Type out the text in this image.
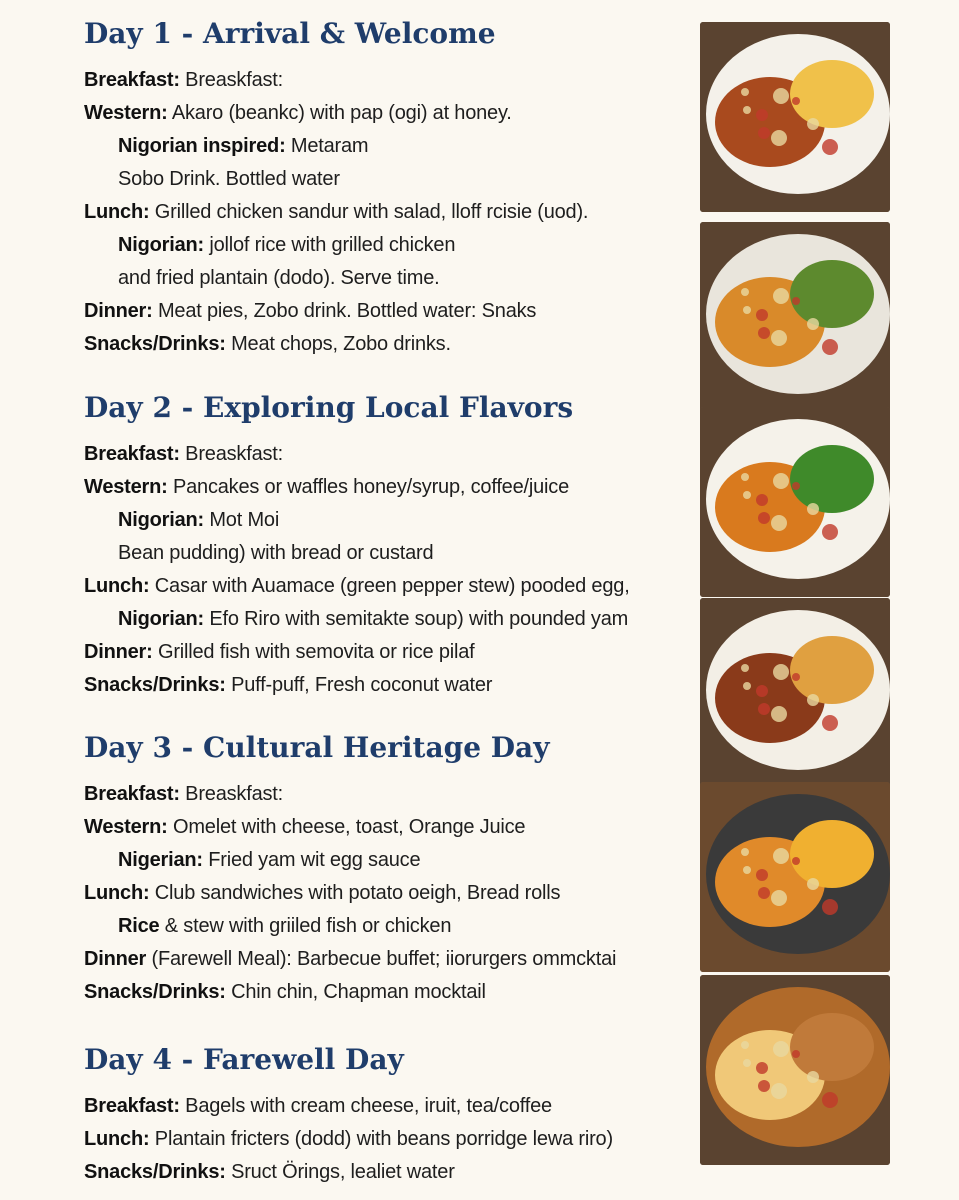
Day 1 - Arrival & Welcome
Breakfast: Breaskfast:
Western: Akaro (beankc) with pap (ogi) at honey.
Nigorian inspired: Metaram
Sobo Drink. Bottled water
Lunch: Grilled chicken sandur with salad, lloff rcisie (uod).
Nigorian: jollof rice with grilled chicken
and fried plantain (dodo). Serve time.
Dinner: Meat pies, Zobo drink. Bottled water: Snaks
Snacks/Drinks: Meat chops, Zobo drinks.
Day 2 - Exploring Local Flavors
Breakfast: Breaskfast:
Western: Pancakes or waffles honey/syrup, coffee/juice
Nigorian: Mot Moi
Bean pudding) with bread or custard
Lunch: Casar with Auamace (green pepper stew) pooded egg,
Nigorian: Efo Riro with semitakte soup) with pounded yam
Dinner: Grilled fish with semovita or rice pilaf
Snacks/Drinks: Puff-puff, Fresh coconut water
Day 3 - Cultural Heritage Day
Breakfast: Breaskfast:
Western: Omelet with cheese, toast, Orange Juice
Nigerian: Fried yam wit egg sauce
Lunch: Club sandwiches with potato oeigh, Bread rolls
Rice & stew with griiled fish or chicken
Dinner (Farewell Meal): Barbecue buffet; iiorurgers ommcktai
Snacks/Drinks: Chin chin, Chapman mocktail
Day 4 - Farewell Day
Breakfast: Bagels with cream cheese, iruit, tea/coffee
Lunch: Plantain fricters (dodd) with beans porridge lewa riro)
Snacks/Drinks: Sruct Örings, lealiet water
